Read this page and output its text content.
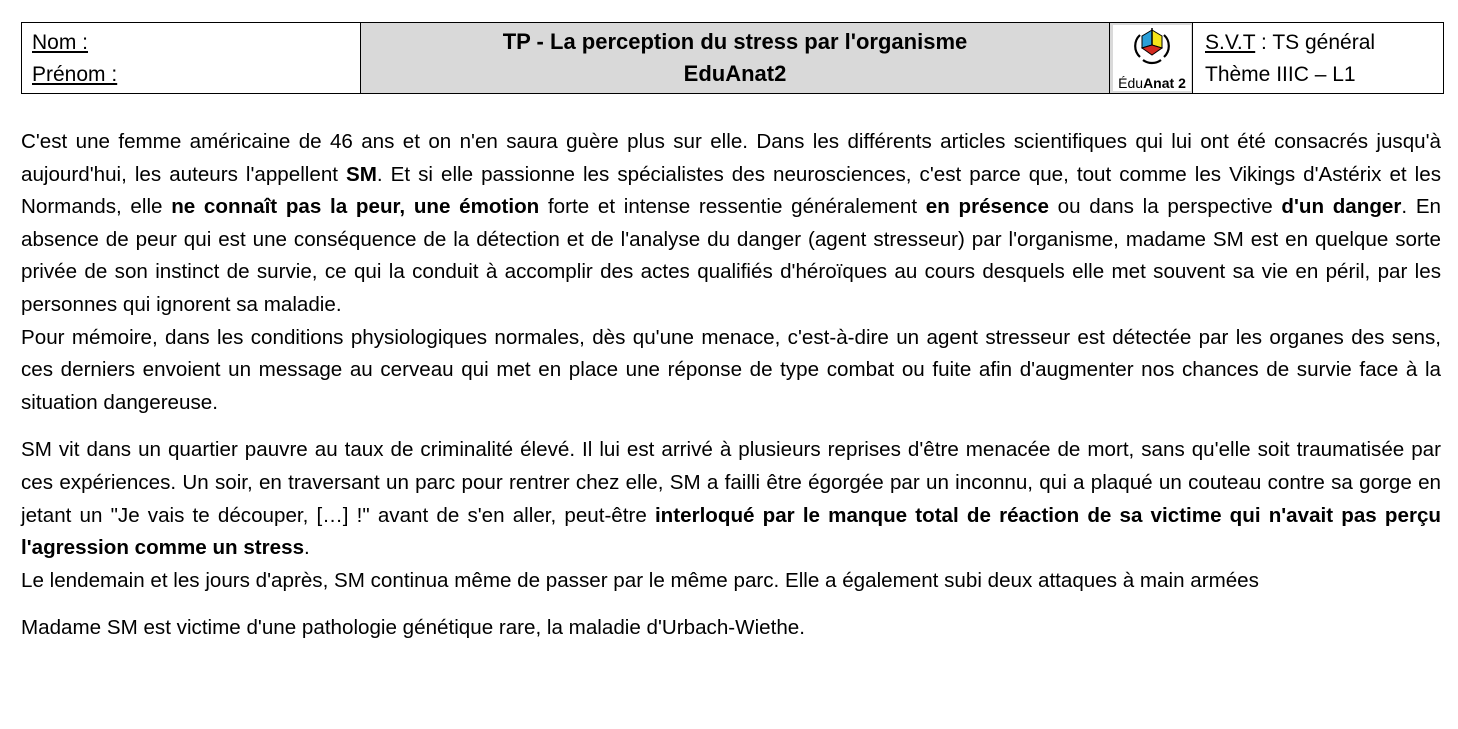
Nom :
Prénom :
TP - La perception du stress par l'organisme
EduAnat2	ÉduAnat 2
S.V.T : TS général
Thème IIIC – L1

C'est une femme américaine de 46 ans et on n'en saura guère plus sur elle. Dans les différents articles scientifiques qui lui ont été consacrés jusqu'à aujourd'hui, les auteurs l'appellent SM. Et si elle passionne les spécialistes des neurosciences, c'est parce que, tout comme les Vikings d'Astérix et les Normands, elle ne connaît pas la peur, une émotion forte et intense ressentie généralement en présence ou dans la perspective d'un danger. En absence de peur qui est une conséquence de la détection et de l'analyse du danger (agent stresseur) par l'organisme, madame SM est en quelque sorte privée de son instinct de survie, ce qui la conduit à accomplir des actes qualifiés d'héroïques au cours desquels elle met souvent sa vie en péril, par les personnes qui ignorent sa maladie.

Pour mémoire, dans les conditions physiologiques normales, dès qu'une menace, c'est-à-dire un agent stresseur est détectée par les organes des sens, ces derniers envoient un message au cerveau qui met en place une réponse de type combat ou fuite afin d'augmenter nos chances de survie face à la situation dangereuse.

SM vit dans un quartier pauvre au taux de criminalité élevé. Il lui est arrivé à plusieurs reprises d'être menacée de mort, sans qu'elle soit traumatisée par ces expériences. Un soir, en traversant un parc pour rentrer chez elle, SM a failli être égorgée par un inconnu, qui a plaqué un couteau contre sa gorge en jetant un "Je vais te découper, […] !" avant de s'en aller, peut-être interloqué par le manque total de réaction de sa victime qui n'avait pas perçu l'agression comme un stress.

Le lendemain et les jours d'après, SM continua même de passer par le même parc. Elle a également subi deux attaques à main armées

Madame SM est victime d'une pathologie génétique rare, la maladie d'Urbach-Wiethe.
